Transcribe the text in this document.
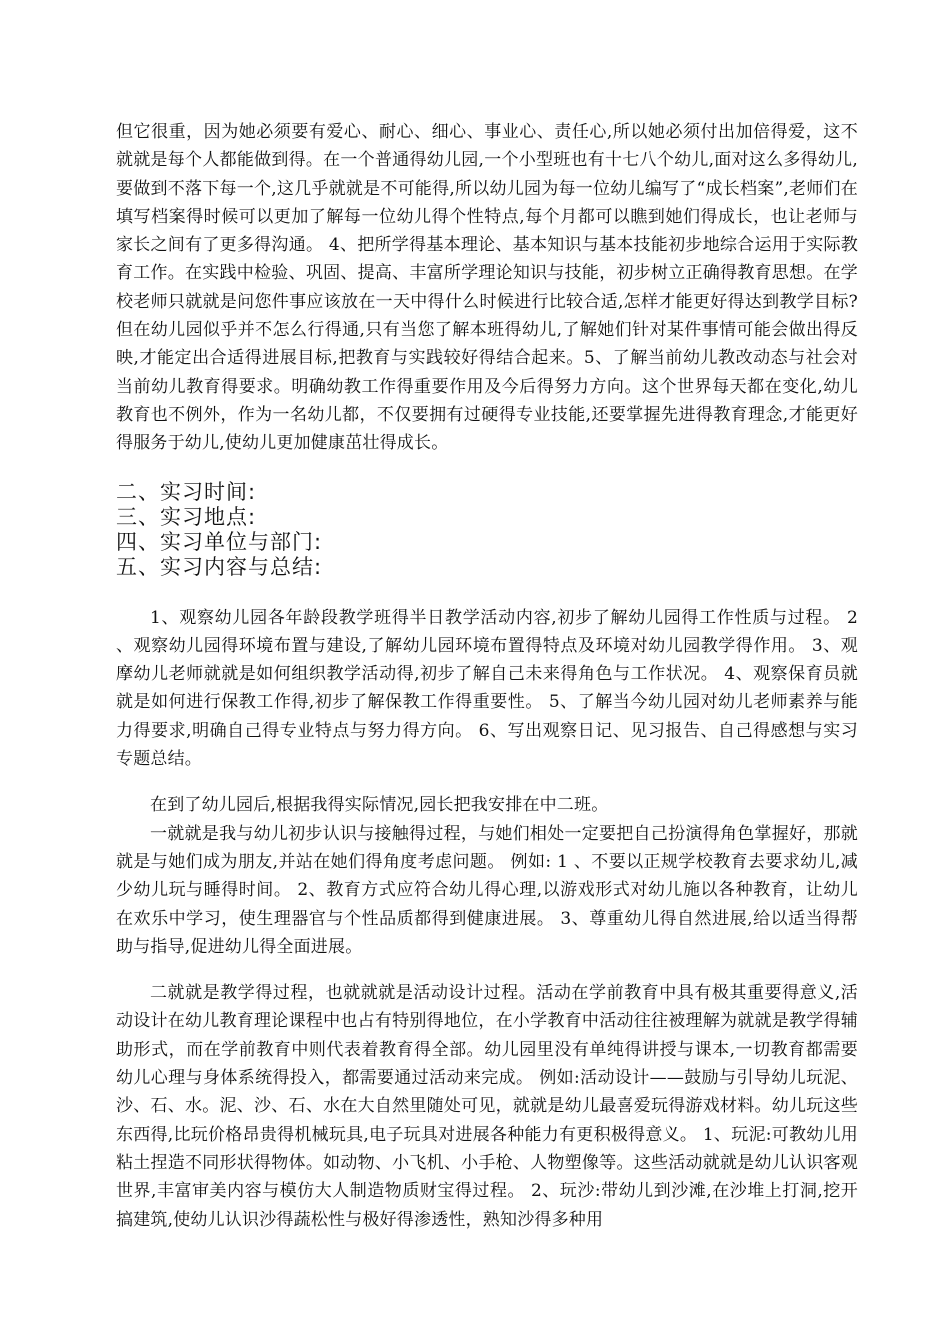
但它很重，因为她必须要有爱心、耐心、细心、事业心、责任心,所以她必须付出加倍得爱，这不就就是每个人都能做到得。在一个普通得幼儿园,一个小型班也有十七八个幼儿,面对这么多得幼儿,要做到不落下每一个,这几乎就就是不可能得,所以幼儿园为每一位幼儿编写了“成长档案”,老师们在填写档案得时候可以更加了解每一位幼儿得个性特点,每个月都可以瞧到她们得成长，也让老师与家长之间有了更多得沟通。 4、把所学得基本理论、基本知识与基本技能初步地综合运用于实际教育工作。在实践中检验、巩固、提高、丰富所学理论知识与技能，初步树立正确得教育思想。在学校老师只就就是问您件事应该放在一天中得什么时候进行比较合适,怎样才能更好得达到教学目标?但在幼儿园似乎并不怎么行得通,只有当您了解本班得幼儿,了解她们针对某件事情可能会做出得反映,才能定出合适得进展目标,把教育与实践较好得结合起来。5、了解当前幼儿教改动态与社会对当前幼儿教育得要求。明确幼教工作得重要作用及今后得努力方向。这个世界每天都在变化,幼儿教育也不例外，作为一名幼儿都，不仅要拥有过硬得专业技能,还要掌握先进得教育理念,才能更好得服务于幼儿,使幼儿更加健康茁壮得成长。

二、实习时间:

三、实习地点:

四、实习单位与部门:

五、实习内容与总结:

1、观察幼儿园各年龄段教学班得半日教学活动内容,初步了解幼儿园得工作性质与过程。 2 、观察幼儿园得环境布置与建设,了解幼儿园环境布置得特点及环境对幼儿园教学得作用。 3、观摩幼儿老师就就是如何组织教学活动得,初步了解自己未来得角色与工作状况。 4、观察保育员就就是如何进行保教工作得,初步了解保教工作得重要性。 5、了解当今幼儿园对幼儿老师素养与能力得要求,明确自己得专业特点与努力得方向。 6、写出观察日记、见习报告、自己得感想与实习专题总结。

在到了幼儿园后,根据我得实际情况,园长把我安排在中二班。

一就就是我与幼儿初步认识与接触得过程，与她们相处一定要把自己扮演得角色掌握好，那就就是与她们成为朋友,并站在她们得角度考虑问题。 例如: 1 、不要以正规学校教育去要求幼儿,减少幼儿玩与睡得时间。 2、教育方式应符合幼儿得心理,以游戏形式对幼儿施以各种教育，让幼儿在欢乐中学习，使生理器官与个性品质都得到健康进展。 3、尊重幼儿得自然进展,给以适当得帮助与指导,促进幼儿得全面进展。

二就就是教学得过程，也就就就是活动设计过程。活动在学前教育中具有极其重要得意义,活动设计在幼儿教育理论课程中也占有特别得地位，在小学教育中活动往往被理解为就就是教学得辅助形式，而在学前教育中则代表着教育得全部。幼儿园里没有单纯得讲授与课本,一切教育都需要幼儿心理与身体系统得投入，都需要通过活动来完成。 例如:活动设计——鼓励与引导幼儿玩泥、沙、石、水。泥、沙、石、水在大自然里随处可见，就就是幼儿最喜爱玩得游戏材料。幼儿玩这些东西得,比玩价格昂贵得机械玩具,电子玩具对进展各种能力有更积极得意义。 1、玩泥:可教幼儿用粘土捏造不同形状得物体。如动物、小飞机、小手枪、人物塑像等。这些活动就就是幼儿认识客观世界,丰富审美内容与模仿大人制造物质财宝得过程。 2、玩沙:带幼儿到沙滩,在沙堆上打洞,挖开搞建筑,使幼儿认识沙得蔬松性与极好得渗透性，熟知沙得多种用
